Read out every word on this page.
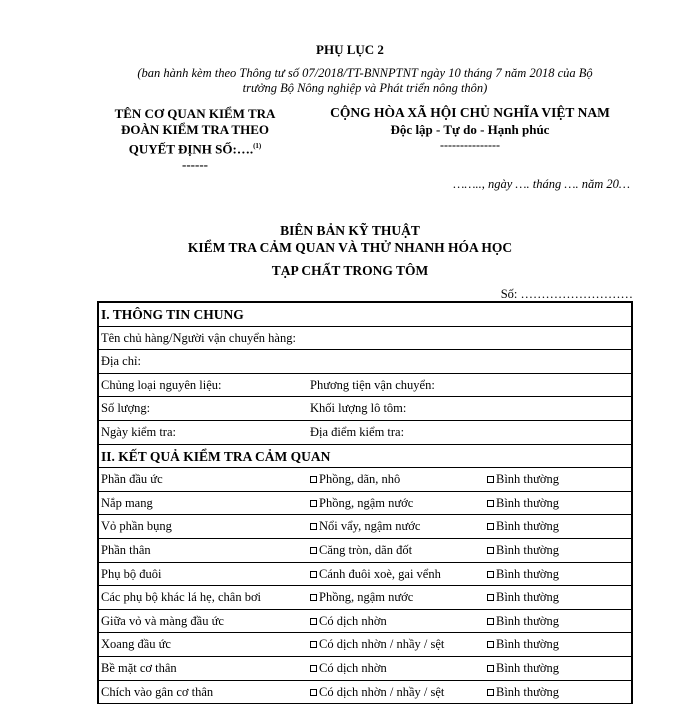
PHỤ LỤC 2
(ban hành kèm theo Thông tư số 07/2018/TT-BNNPTNT ngày 10 tháng 7 năm 2018 của Bộ
trưởng Bộ Nông nghiệp và Phát triển nông thôn)
TÊN CƠ QUAN KIỂM TRA
ĐOÀN KIỂM TRA THEO
QUYẾT ĐỊNH SỐ:….$^{(1)}$
------
CỘNG HÒA XÃ HỘI CHỦ NGHĨA VIỆT NAM
Độc lập - Tự do - Hạnh phúc
---------------
…….., ngày …. tháng …. năm 20…
BIÊN BẢN KỸ THUẬT
KIỂM TRA CẢM QUAN VÀ THỬ NHANH HÓA HỌC
TẠP CHẤT TRONG TÔM
Số: ………………………
I. THÔNG TIN CHUNG
Tên chủ hàng/Người vận chuyển hàng:
Địa chỉ:
Chủng loại nguyên liệu:	Phương tiện vận chuyển:
Số lượng:	Khối lượng lô tôm:
Ngày kiểm tra:	Địa điểm kiểm tra:
II. KẾT QUẢ KIỂM TRA CẢM QUAN
Phần đầu ức	Phồng, dãn, nhô	Bình thường
Nắp mang	Phồng, ngậm nước	Bình thường
Vỏ phần bụng	Nổi vẩy, ngậm nước	Bình thường
Phần thân	Căng tròn, dãn đốt	Bình thường
Phụ bộ đuôi	Cánh đuôi xoè, gai vểnh	Bình thường
Các phụ bộ khác lá hẹ, chân bơi	Phồng, ngậm nước	Bình thường
Giữa vỏ và màng đầu ức	Có dịch nhờn	Bình thường
Xoang đầu ức	Có dịch nhờn / nhầy / sệt	Bình thường
Bề mặt cơ thân	Có dịch nhờn	Bình thường
Chích vào gân cơ thân	Có dịch nhờn / nhầy / sệt	Bình thường
